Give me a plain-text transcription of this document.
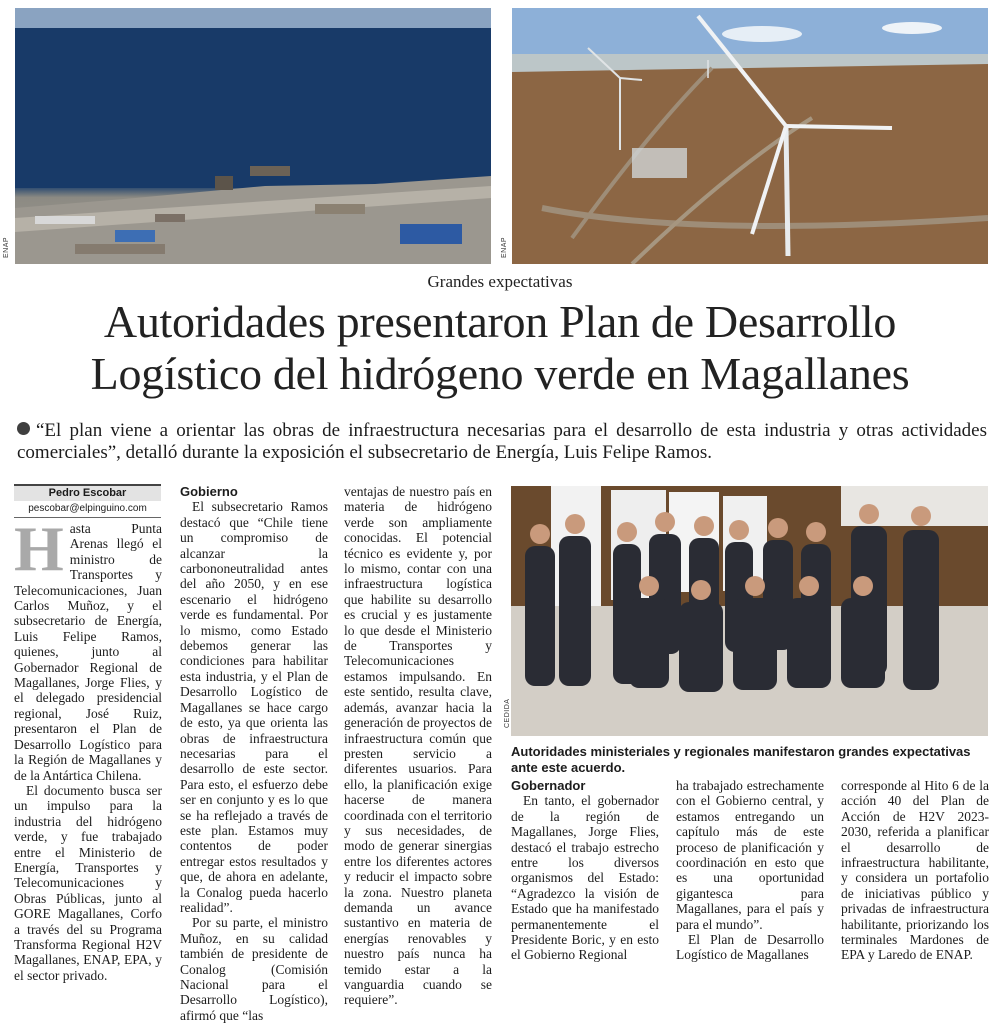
ENAP	ENAP
Grandes expectativas
Autoridades presentaron Plan de Desarrollo
Logístico del hidrógeno verde en Magallanes

“El plan viene a orientar las obras de infraestructura necesarias para el desarrollo de esta industria y otras actividades comerciales”, detalló durante la exposición el subsecretario de Energía, Luis Felipe Ramos.

Pedro Escobar
pescobar@elpinguino.com

Hasta Punta Arenas llegó el ministro de Transportes y Telecomunicaciones, Juan Carlos Muñoz, y el subsecretario de Energía, Luis Felipe Ramos, quienes, junto al Gobernador Regional de Magallanes, Jorge Flies, y el delegado presidencial regional, José Ruiz, presentaron el Plan de Desarrollo Logístico para la Región de Magallanes y de la Antártica Chilena.

El documento busca ser un impulso para la industria del hidrógeno verde, y fue trabajado entre el Ministerio de Energía, Transportes y Telecomunicaciones y Obras Públicas, junto al GORE Magallanes, Corfo a través del su Programa Transforma Regional H2V Magallanes, ENAP, EPA, y el sector privado.

Gobierno

El subsecretario Ramos destacó que “Chile tiene un compromiso de alcanzar la carbononeutralidad antes del año 2050, y en ese escenario el hidrógeno verde es fundamental. Por lo mismo, como Estado debemos generar las condiciones para habilitar esta industria, y el Plan de Desarrollo Logístico de Magallanes se hace cargo de esto, ya que orienta las obras de infraestructura necesarias para el desarrollo de este sector. Para esto, el esfuerzo debe ser en conjunto y es lo que se ha reflejado a través de este plan. Estamos muy contentos de poder entregar estos resultados y que, de ahora en adelante, la Conalog pueda hacerlo realidad”.

Por su parte, el ministro Muñoz, en su calidad también de presidente de Conalog (Comisión Nacional para el Desarrollo Logístico), afirmó que “las

ventajas de nuestro país en materia de hidrógeno verde son ampliamente conocidas. El potencial técnico es evidente y, por lo mismo, contar con una infraestructura logística que habilite su desarrollo es crucial y es justamente lo que desde el Ministerio de Transportes y Telecomunicaciones estamos impulsando. En este sentido, resulta clave, además, avanzar hacia la generación de proyectos de infraestructura común que presten servicio a diferentes usuarios. Para ello, la planificación exige hacerse de manera coordinada con el territorio y sus necesidades, de modo de generar sinergias entre los diferentes actores y reducir el impacto sobre la zona. Nuestro planeta demanda un avance sustantivo en materia de energías renovables y nuestro país nunca ha temido estar a la vanguardia cuando se requiere”.

CEDIDA
Autoridades ministeriales y regionales manifestaron grandes expectativas ante este acuerdo.
Gobernador

En tanto, el gobernador de la región de Magallanes, Jorge Flies, destacó el trabajo estrecho entre los diversos organismos del Estado: “Agradezco la visión de Estado que ha manifestado permanentemente el Presidente Boric, y en esto el Gobierno Regional

ha trabajado estrechamente con el Gobierno central, y estamos entregando un capítulo más de este proceso de planificación y coordinación en esto que es una oportunidad gigantesca para Magallanes, para el país y para el mundo”.

El Plan de Desarrollo Logístico de Magallanes

corresponde al Hito 6 de la acción 40 del Plan de Acción de H2V 2023-2030, referida a planificar el desarrollo de infraestructura habilitante, y considera un portafolio de iniciativas público y privadas de infraestructura habilitante, priorizando los terminales Mardones de EPA y Laredo de ENAP.
